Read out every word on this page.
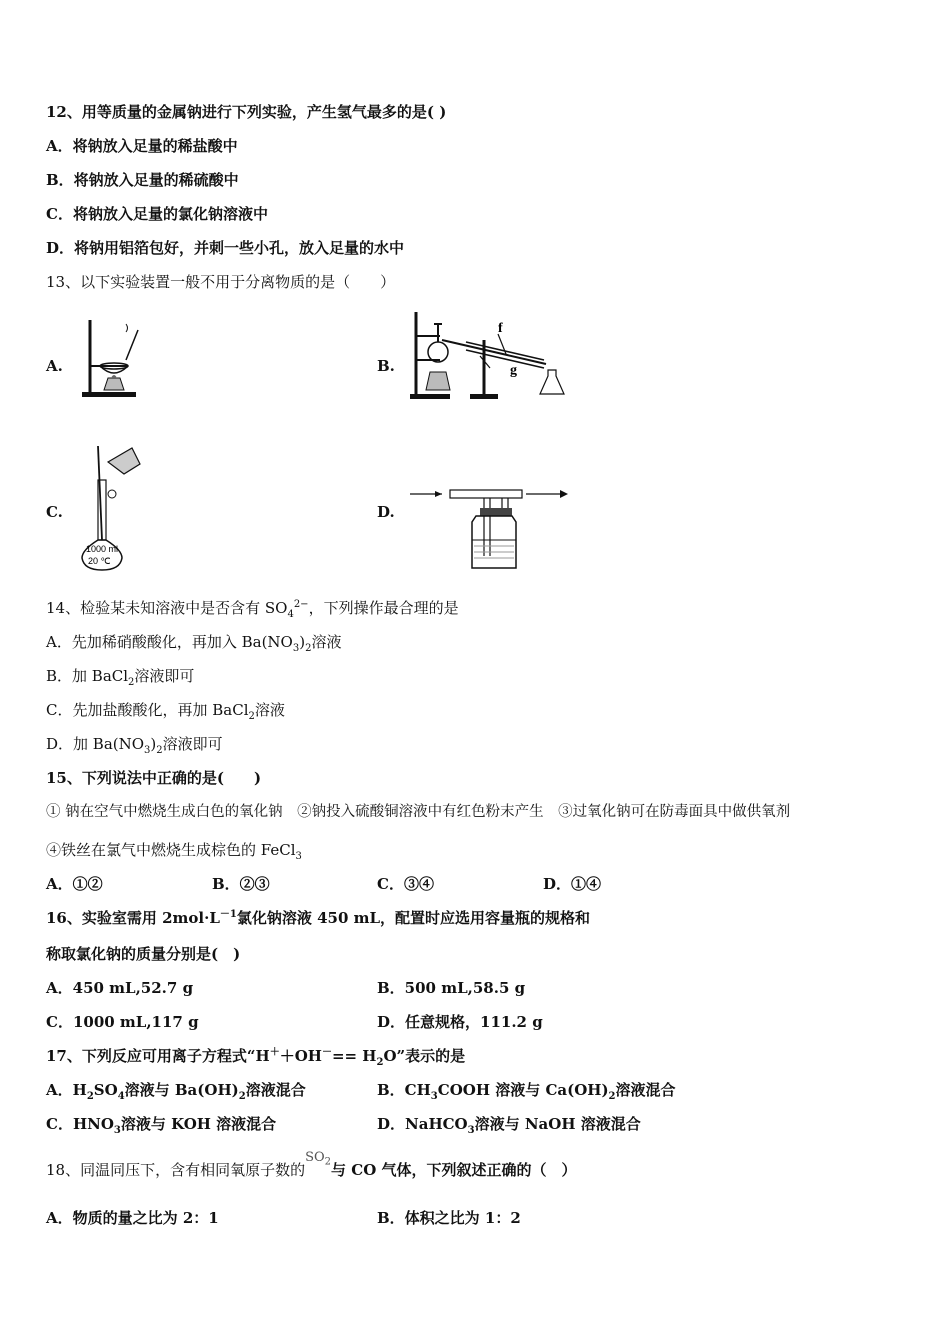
12、用等质量的金属钠进行下列实验，产生氢气最多的是( )
A．将钠放入足量的稀盐酸中
B．将钠放入足量的稀硫酸中
C．将钠放入足量的氯化钠溶液中
D．将钠用铝箔包好，并刺一些小孔，放入足量的水中
13、以下实验装置一般不用于分离物质的是（　　）
A.	B.
f
g
C.
1000 ml
20 ℃
D.
14、检验某未知溶液中是否含有 $SO_4^{2-}$，下列操作最合理的是
A．先加稀硝酸酸化，再加入 $Ba(NO_3)_2$溶液
B．加 BaCl$_2$溶液即可
C．先加盐酸酸化，再加 BaCl$_2$溶液
D．加 $Ba(NO_3)_2$溶液即可
15、下列说法中正确的是(　　)
① 钠在空气中燃烧生成白色的氧化钠　②钠投入硫酸铜溶液中有红色粉末产生　③过氧化钠可在防毒面具中做供氧剂
④铁丝在氯气中燃烧生成棕色的 FeCl$_3$
A．①②	B．②③	C．③④	D．①④
16、实验室需用 $2mol\cdot L^{-1}$氯化钠溶液 450 mL，配置时应选用容量瓶的规格和
称取氯化钠的质量分别是(　)
A．450 mL,52.7 g	B．500 mL,58.5 g
C．1000 mL,117 g	D．任意规格，111.2 g
17、下列反应可用离子方程式“$H^++OH^-== H_2O$”表示的是
A．$H_2SO_4$溶液与 $Ba(OH)_2$溶液混合	B．$CH_3COOH$ 溶液与 $Ca(OH)_2$溶液混合
C．$HNO_3$溶液与 KOH 溶液混合	D．NaHCO$_3$溶液与 NaOH 溶液混合
18、同温同压下，含有相同氧原子数的$SO_2$与 CO 气体，下列叙述正确的（　）
A．物质的量之比为 2：1	B．体积之比为 1：2
